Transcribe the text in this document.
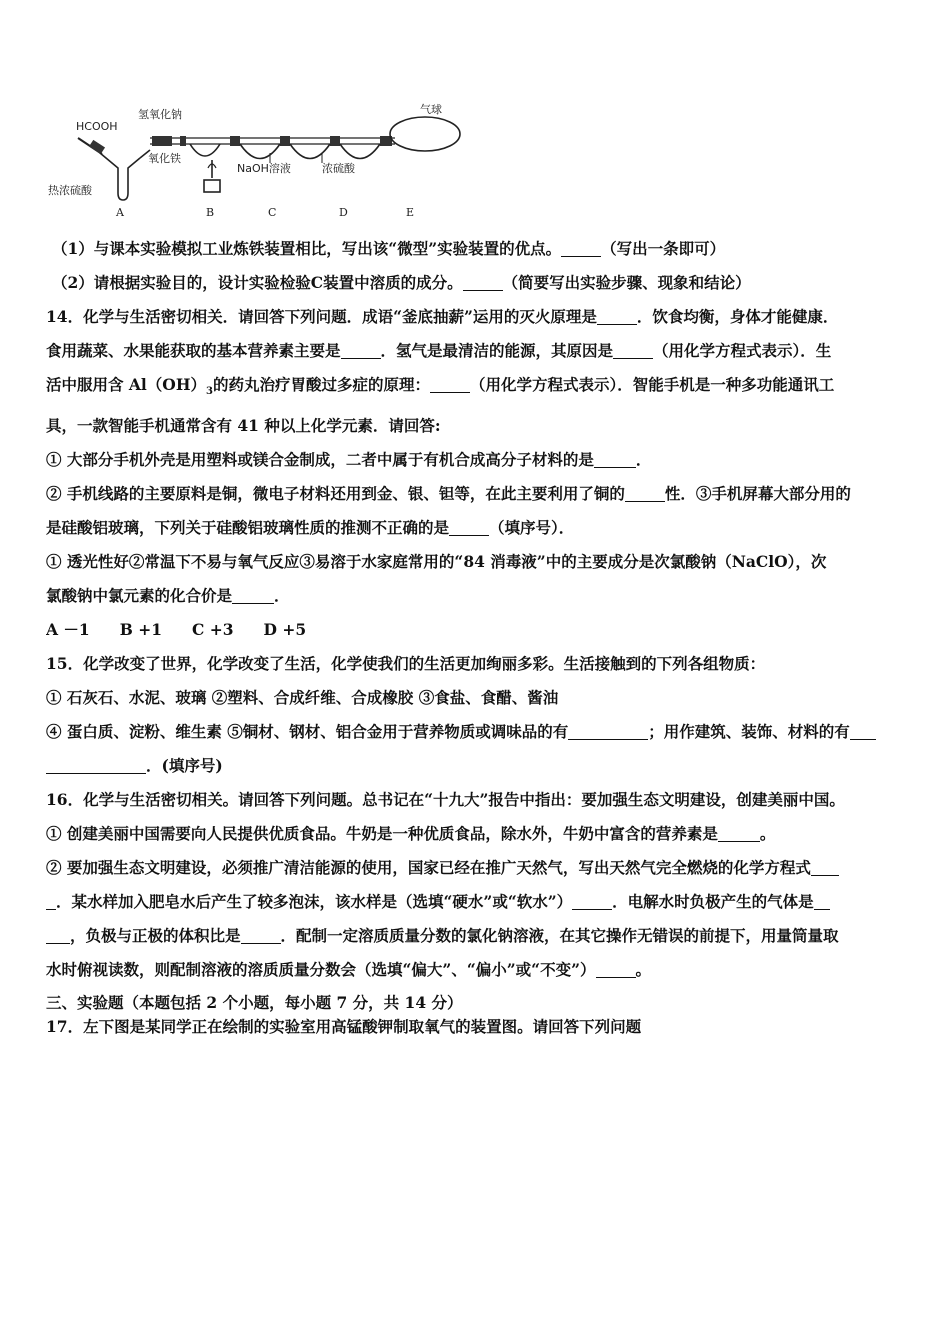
HCOOH
热浓硫酸
氢氧化钠
氧化铁
NaOH溶液	浓硫酸
气球
A	B	C	D	E
（1）与课本实验模拟工业炼铁装置相比，写出该“微型”实验装置的优点。	（写出一条即可）
（2）请根据实验目的，设计实验检验C装置中溶质的成分。	（简要写出实验步骤、现象和结论）
14．化学与生活密切相关．请回答下列问题．成语“釜底抽薪”运用的灭火原理是	．饮食均衡，身体才能健康．
食用蔬菜、水果能获取的基本营养素主要是	．氢气是最清洁的能源，其原因是	（用化学方程式表示）．生
活中服用含 $Al(OH)_3$的药丸治疗胃酸过多症的原理：	（用化学方程式表示）．智能手机是一种多功能通讯工
具，一款智能手机通常含有 41 种以上化学元素．请回答:
① 大部分手机外壳是用塑料或镁合金制成，二者中属于有机合成高分子材料的是	．
② 手机线路的主要原料是铜，微电子材料还用到金、银、钽等，在此主要利用了铜的	性．③手机屏幕大部分用的
是硅酸铝玻璃，下列关于硅酸铝玻璃性质的推测不正确的是	（填序号）．
① 透光性好②常温下不易与氧气反应③易溶于水家庭常用的“84 消毒液”中的主要成分是次氯酸钠（NaClO），次
氯酸钠中氯元素的化合价是	．
A －1 B +1 C +3 D +5
15．化学改变了世界，化学改变了生活，化学使我们的生活更加绚丽多彩。生活接触到的下列各组物质：
① 石灰石、水泥、玻璃 ②塑料、合成纤维、合成橡胶 ③食盐、食醋、酱油
④ 蛋白质、淀粉、维生素 ⑤铜材、钢材、铝合金用于营养物质或调味品的有	；用作建筑、装饰、材料的有
．(填序号)
16．化学与生活密切相关。请回答下列问题。总书记在“十九大”报告中指出：要加强生态文明建设，创建美丽中国。
① 创建美丽中国需要向人民提供优质食品。牛奶是一种优质食品，除水外，牛奶中富含的营养素是	。
② 要加强生态文明建设，必须推广清洁能源的使用，国家已经在推广天然气，写出天然气完全燃烧的化学方程式
．某水样加入肥皂水后产生了较多泡沫，该水样是（选填“硬水”或“软水”）	．电解水时负极产生的气体是
，负极与正极的体积比是	．配制一定溶质质量分数的氯化钠溶液，在其它操作无错误的前提下，用量筒量取
水时俯视读数，则配制溶液的溶质质量分数会（选填“偏大”、“偏小”或“不变”）	。
三、实验题（本题包括 2 个小题，每小题 7 分，共 14 分）
17．左下图是某同学正在绘制的实验室用高锰酸钾制取氧气的装置图。请回答下列问题
